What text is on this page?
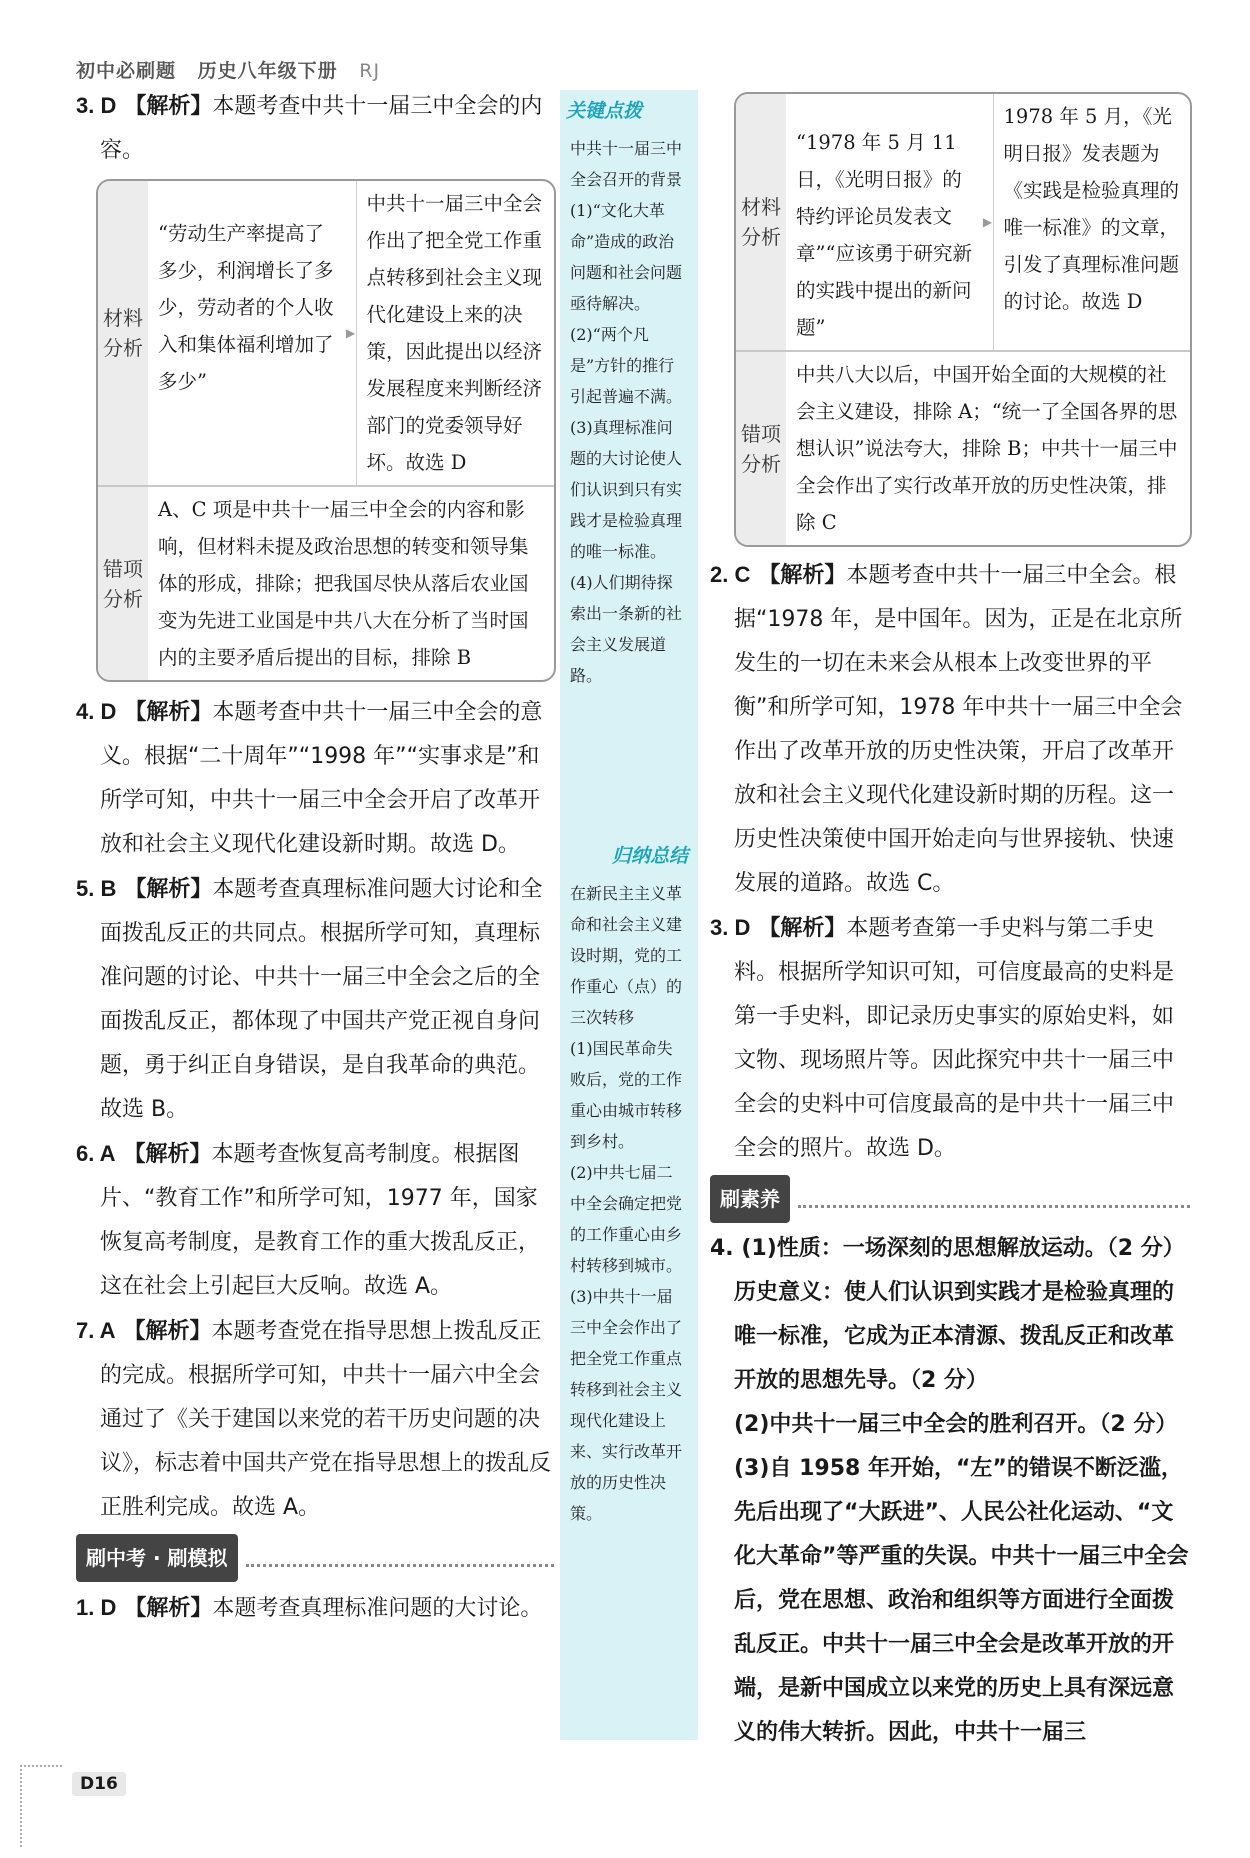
初中必刷题 历史八年级下册 RJ

3. D 【解析】本题考查中共十一届三中全会的内容。

材料分析
“劳动生产率提高了多少，利润增长了多少，劳动者的个人收入和集体福利增加了多少”
▶
中共十一届三中全会作出了把全党工作重点转移到社会主义现代化建设上来的决策，因此提出以经济发展程度来判断经济部门的党委领导好坏。故选 D
错项分析
A、C 项是中共十一届三中全会的内容和影响，但材料未提及政治思想的转变和领导集体的形成，排除；把我国尽快从落后农业国变为先进工业国是中共八大在分析了当时国内的主要矛盾后提出的目标，排除 B

4. D 【解析】本题考查中共十一届三中全会的意义。根据“二十周年”“1998 年”“实事求是”和所学可知，中共十一届三中全会开启了改革开放和社会主义现代化建设新时期。故选 D。

5. B 【解析】本题考查真理标准问题大讨论和全面拨乱反正的共同点。根据所学可知，真理标准问题的讨论、中共十一届三中全会之后的全面拨乱反正，都体现了中国共产党正视自身问题，勇于纠正自身错误，是自我革命的典范。故选 B。

6. A 【解析】本题考查恢复高考制度。根据图片、“教育工作”和所学可知，1977 年，国家恢复高考制度，是教育工作的重大拨乱反正，这在社会上引起巨大反响。故选 A。

7. A 【解析】本题考查党在指导思想上拨乱反正的完成。根据所学可知，中共十一届六中全会通过了《关于建国以来党的若干历史问题的决议》，标志着中国共产党在指导思想上的拨乱反正胜利完成。故选 A。

刷中考 · 刷模拟

1. D 【解析】本题考查真理标准问题的大讨论。

关键点拨
中共十一届三中全会召开的背景
(1)“文化大革命”造成的政治问题和社会问题亟待解决。
(2)“两个凡是”方针的推行引起普遍不满。
(3)真理标准问题的大讨论使人们认识到只有实践才是检验真理的唯一标准。
(4)人们期待探索出一条新的社会主义发展道路。
归纳总结
在新民主主义革命和社会主义建设时期，党的工作重心（点）的三次转移
(1)国民革命失败后，党的工作重心由城市转移到乡村。
(2)中共七届二中全会确定把党的工作重心由乡村转移到城市。
(3)中共十一届三中全会作出了把全党工作重点转移到社会主义现代化建设上来、实行改革开放的历史性决策。
材料分析
“1978 年 5 月 11 日，《光明日报》的特约评论员发表文章”“应该勇于研究新的实践中提出的新问题”
▶
1978 年 5 月，《光明日报》发表题为《实践是检验真理的唯一标准》的文章，引发了真理标准问题的讨论。故选 D
错项分析
中共八大以后，中国开始全面的大规模的社会主义建设，排除 A；“统一了全国各界的思想认识”说法夸大，排除 B；中共十一届三中全会作出了实行改革开放的历史性决策，排除 C

2. C 【解析】本题考查中共十一届三中全会。根据“1978 年，是中国年。因为，正是在北京所发生的一切在未来会从根本上改变世界的平衡”和所学可知，1978 年中共十一届三中全会作出了改革开放的历史性决策，开启了改革开放和社会主义现代化建设新时期的历程。这一历史性决策使中国开始走向与世界接轨、快速发展的道路。故选 C。

3. D 【解析】本题考查第一手史料与第二手史料。根据所学知识可知，可信度最高的史料是第一手史料，即记录历史事实的原始史料，如文物、现场照片等。因此探究中共十一届三中全会的史料中可信度最高的是中共十一届三中全会的照片。故选 D。

刷素养
4. (1)性质：一场深刻的思想解放运动。（2 分）
历史意义：使人们认识到实践才是检验真理的唯一标准，它成为正本清源、拨乱反正和改革开放的思想先导。（2 分）
(2)中共十一届三中全会的胜利召开。（2 分）
(3)自 1958 年开始，“左”的错误不断泛滥，先后出现了“大跃进”、人民公社化运动、“文化大革命”等严重的失误。中共十一届三中全会后，党在思想、政治和组织等方面进行全面拨乱反正。中共十一届三中全会是改革开放的开端，是新中国成立以来党的历史上具有深远意义的伟大转折。因此，中共十一届三
D16
